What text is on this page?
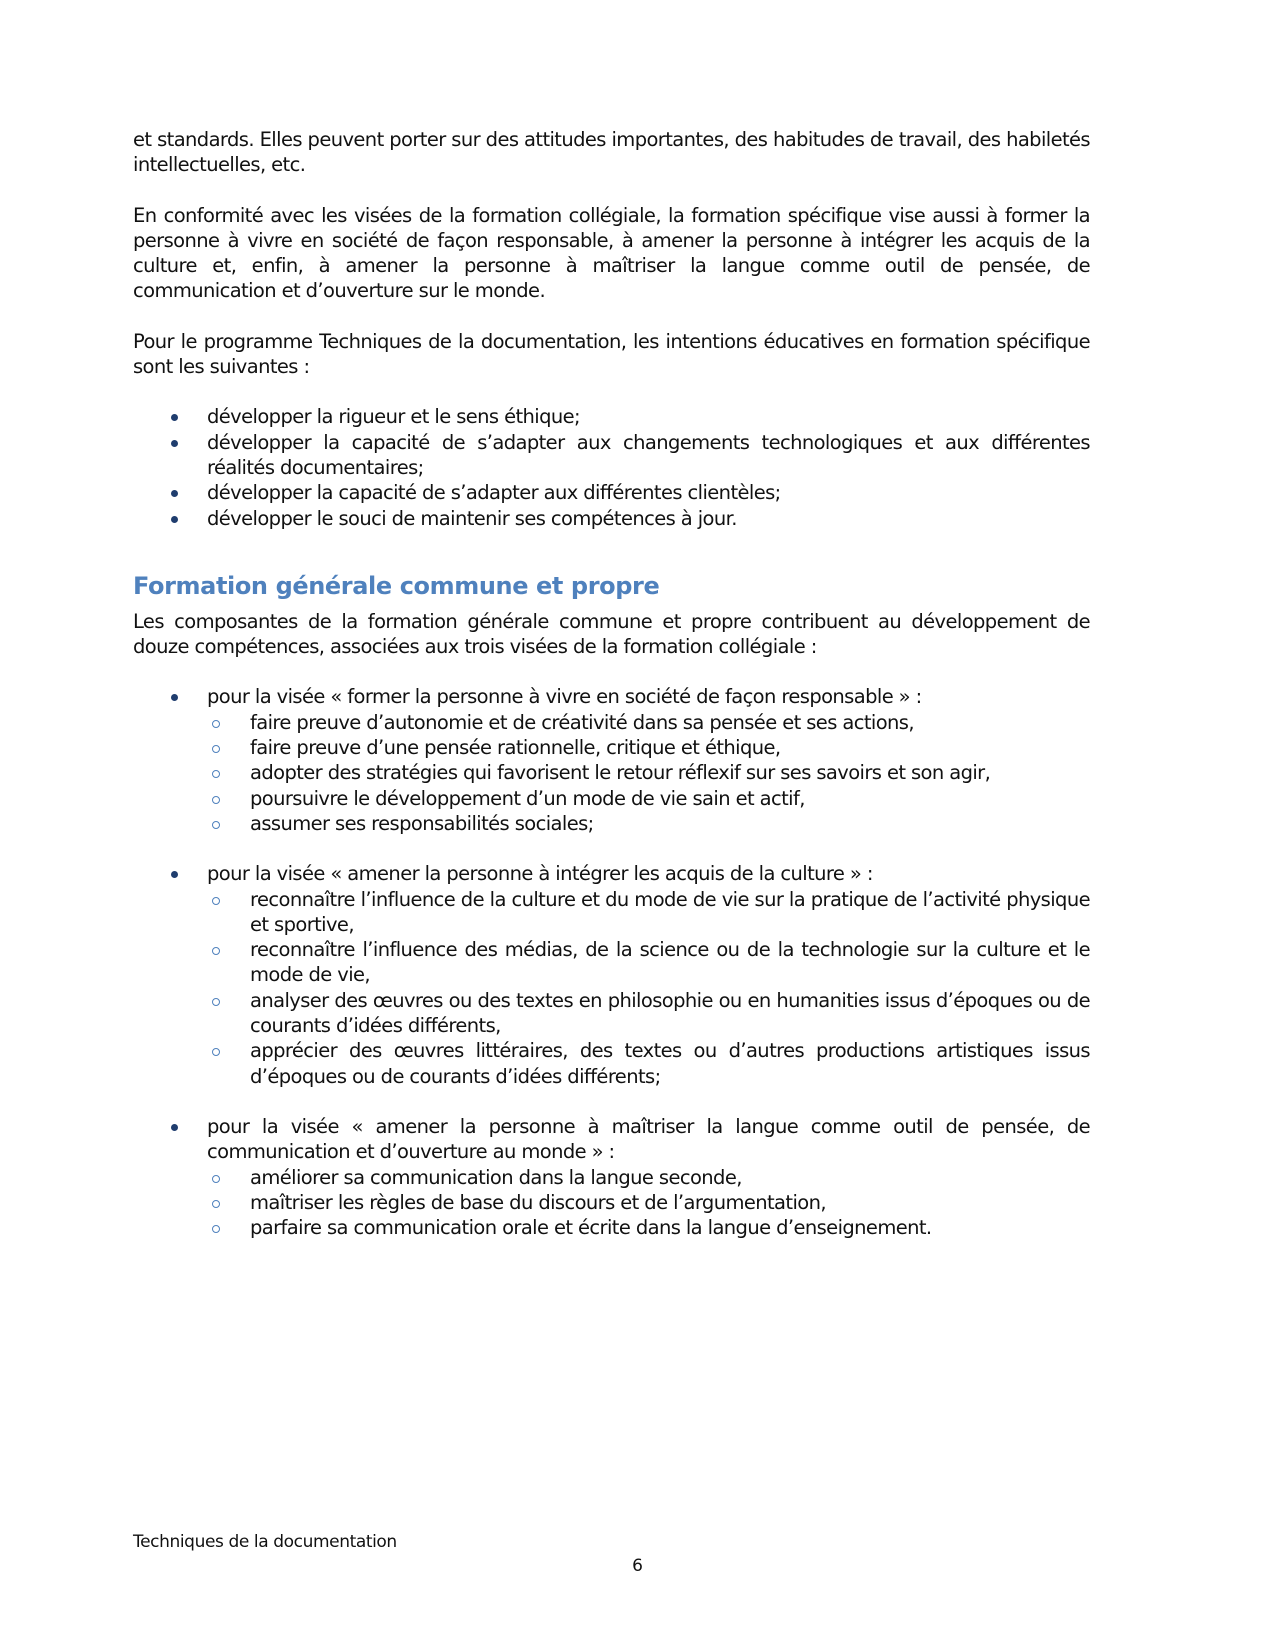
et standards. Elles peuvent porter sur des attitudes importantes, des habitudes de travail, des habiletés intellectuelles, etc.

En conformité avec les visées de la formation collégiale, la formation spécifique vise aussi à former la personne à vivre en société de façon responsable, à amener la personne à intégrer les acquis de la culture et, enfin, à amener la personne à maîtriser la langue comme outil de pensée, de communication et d’ouverture sur le monde.

Pour le programme Techniques de la documentation, les intentions éducatives en formation spécifique sont les suivantes :

développer la rigueur et le sens éthique;
développer la capacité de s’adapter aux changements technologiques et aux différentes réalités documentaires;
développer la capacité de s’adapter aux différentes clientèles;
développer le souci de maintenir ses compétences à jour.
Formation générale commune et propre

Les composantes de la formation générale commune et propre contribuent au développement de douze compétences, associées aux trois visées de la formation collégiale :

pour la visée « former la personne à vivre en société de façon responsable » :
faire preuve d’autonomie et de créativité dans sa pensée et ses actions,
faire preuve d’une pensée rationnelle, critique et éthique,
adopter des stratégies qui favorisent le retour réflexif sur ses savoirs et son agir,
poursuivre le développement d’un mode de vie sain et actif,
assumer ses responsabilités sociales;
pour la visée « amener la personne à intégrer les acquis de la culture » :
reconnaître l’influence de la culture et du mode de vie sur la pratique de l’activité physique et sportive,
reconnaître l’influence des médias, de la science ou de la technologie sur la culture et le mode de vie,
analyser des œuvres ou des textes en philosophie ou en humanities issus d’époques ou de courants d’idées différents,
apprécier des œuvres littéraires, des textes ou d’autres productions artistiques issus d’époques ou de courants d’idées différents;
pour la visée « amener la personne à maîtriser la langue comme outil de pensée, de communication et d’ouverture au monde » :
améliorer sa communication dans la langue seconde,
maîtriser les règles de base du discours et de l’argumentation,
parfaire sa communication orale et écrite dans la langue d’enseignement.
Techniques de la documentation
6
